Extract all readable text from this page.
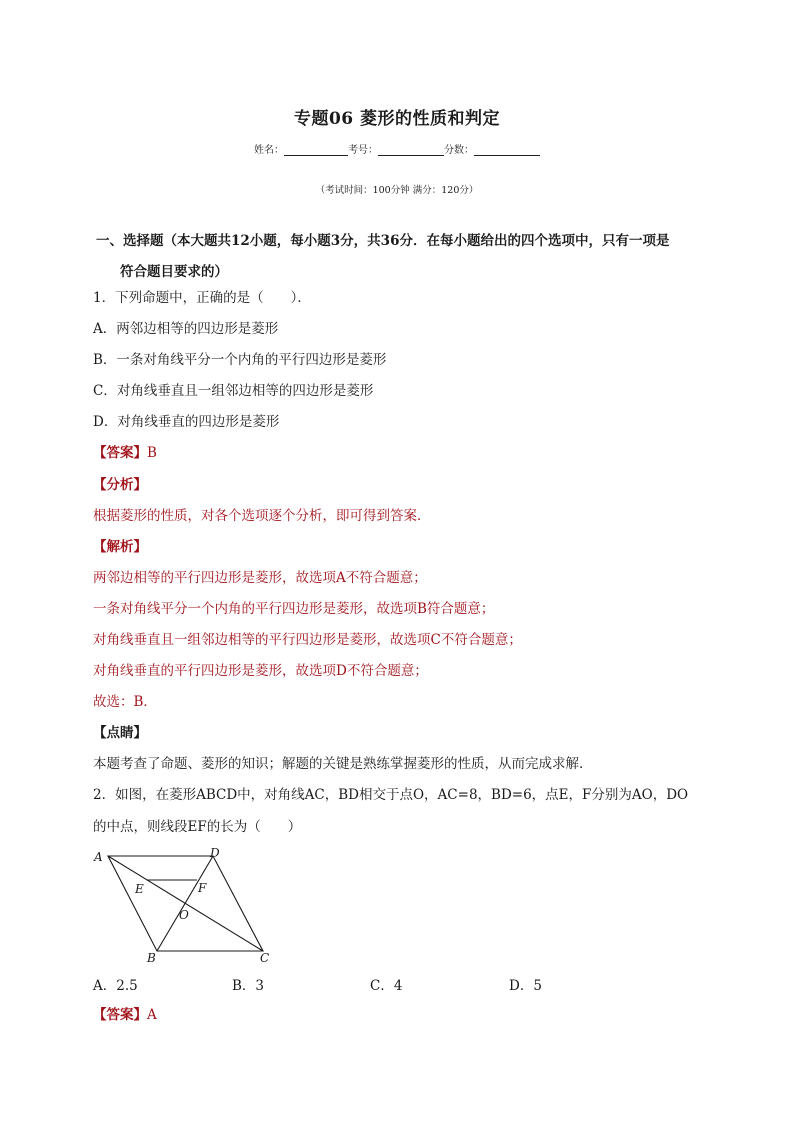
专题06 菱形的性质和判定
姓名：	考号：	分数：
（考试时间：100分钟 满分：120分）
一、选择题（本大题共12小题，每小题3分，共36分．在每小题给出的四个选项中，只有一项是
符合题目要求的）
1．下列命题中，正确的是（　　）．
A．两邻边相等的四边形是菱形
B．一条对角线平分一个内角的平行四边形是菱形
C．对角线垂直且一组邻边相等的四边形是菱形
D．对角线垂直的四边形是菱形
【答案】B
【分析】
根据菱形的性质，对各个选项逐个分析，即可得到答案．
【解析】
两邻边相等的平行四边形是菱形，故选项A不符合题意；
一条对角线平分一个内角的平行四边形是菱形，故选项B符合题意；
对角线垂直且一组邻边相等的平行四边形是菱形，故选项C不符合题意；
对角线垂直的平行四边形是菱形，故选项D不符合题意；
故选：B．
【点睛】
本题考查了命题、菱形的知识；解题的关键是熟练掌握菱形的性质，从而完成求解．
2．如图，在菱形ABCD中，对角线AC，BD相交于点O，AC=8，BD=6，点E，F分别为AO，DO
的中点，则线段EF的长为（　　）
A	D
E	F
O
B	C
A．2.5	B．3	C．4	D．5
【答案】A
